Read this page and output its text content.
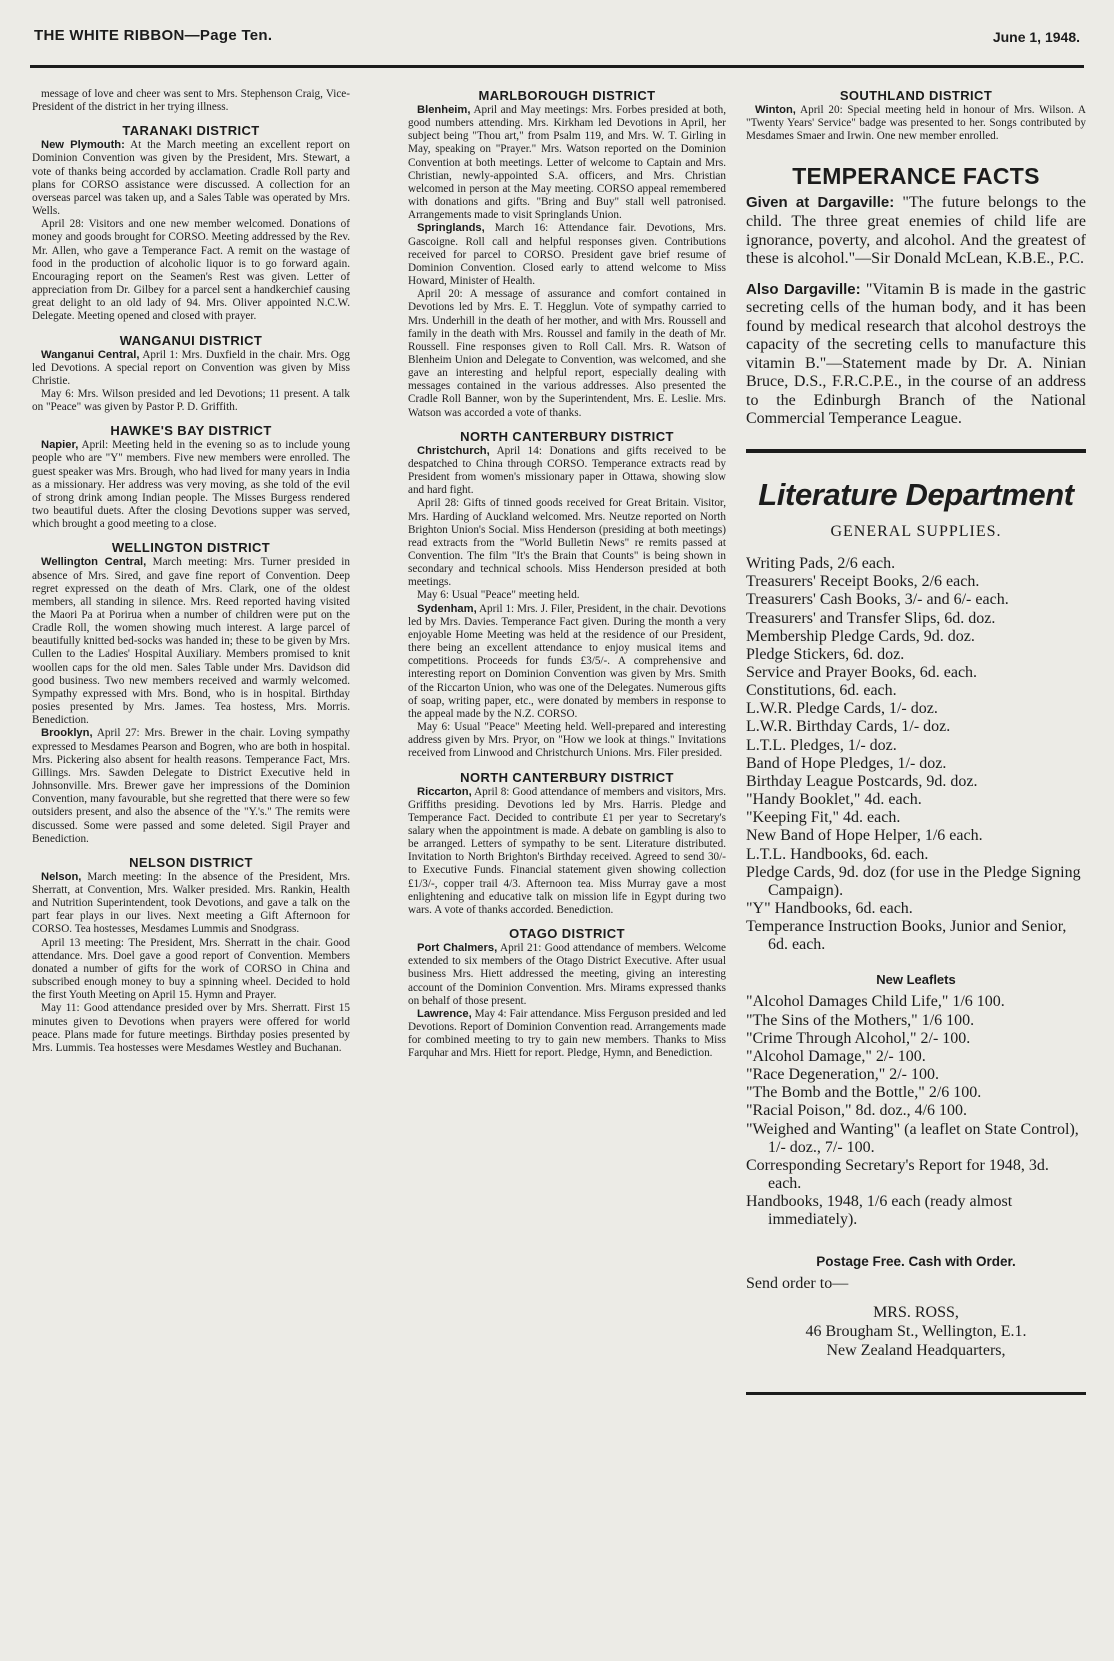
THE WHITE RIBBON—Page Ten.	June 1, 1948.

message of love and cheer was sent to Mrs. Stephenson Craig, Vice-President of the district in her trying illness.

TARANAKI DISTRICT

New Plymouth: At the March meeting an excellent report on Dominion Convention was given by the President, Mrs. Stewart, a vote of thanks being accorded by acclamation. Cradle Roll party and plans for CORSO assistance were discussed. A collection for an overseas parcel was taken up, and a Sales Table was operated by Mrs. Wells.

April 28: Visitors and one new member welcomed. Donations of money and goods brought for CORSO. Meeting addressed by the Rev. Mr. Allen, who gave a Temperance Fact. A remit on the wastage of food in the production of alcoholic liquor is to go forward again. Encouraging report on the Seamen's Rest was given. Letter of appreciation from Dr. Gilbey for a parcel sent a handkerchief causing great delight to an old lady of 94. Mrs. Oliver appointed N.C.W. Delegate. Meeting opened and closed with prayer.

WANGANUI DISTRICT

Wanganui Central, April 1: Mrs. Duxfield in the chair. Mrs. Ogg led Devotions. A special report on Convention was given by Miss Christie.

May 6: Mrs. Wilson presided and led Devotions; 11 present. A talk on "Peace" was given by Pastor P. D. Griffith.

HAWKE'S BAY DISTRICT

Napier, April: Meeting held in the evening so as to include young people who are "Y" members. Five new members were enrolled. The guest speaker was Mrs. Brough, who had lived for many years in India as a missionary. Her address was very moving, as she told of the evil of strong drink among Indian people. The Misses Burgess rendered two beautiful duets. After the closing Devotions supper was served, which brought a good meeting to a close.

WELLINGTON DISTRICT

Wellington Central, March meeting: Mrs. Turner presided in absence of Mrs. Sired, and gave fine report of Convention. Deep regret expressed on the death of Mrs. Clark, one of the oldest members, all standing in silence. Mrs. Reed reported having visited the Maori Pa at Porirua when a number of children were put on the Cradle Roll, the women showing much interest. A large parcel of beautifully knitted bed-socks was handed in; these to be given by Mrs. Cullen to the Ladies' Hospital Auxiliary. Members promised to knit woollen caps for the old men. Sales Table under Mrs. Davidson did good business. Two new members received and warmly welcomed. Sympathy expressed with Mrs. Bond, who is in hospital. Birthday posies presented by Mrs. James. Tea hostess, Mrs. Morris. Benediction.

Brooklyn, April 27: Mrs. Brewer in the chair. Loving sympathy expressed to Mesdames Pearson and Bogren, who are both in hospital. Mrs. Pickering also absent for health reasons. Temperance Fact, Mrs. Gillings. Mrs. Sawden Delegate to District Executive held in Johnsonville. Mrs. Brewer gave her impressions of the Dominion Convention, many favourable, but she regretted that there were so few outsiders present, and also the absence of the "Y.'s." The remits were discussed. Some were passed and some deleted. Sigil Prayer and Benediction.

NELSON DISTRICT

Nelson, March meeting: In the absence of the President, Mrs. Sherratt, at Convention, Mrs. Walker presided. Mrs. Rankin, Health and Nutrition Superintendent, took Devotions, and gave a talk on the part fear plays in our lives. Next meeting a Gift Afternoon for CORSO. Tea hostesses, Mesdames Lummis and Snodgrass.

April 13 meeting: The President, Mrs. Sherratt in the chair. Good attendance. Mrs. Doel gave a good report of Convention. Members donated a number of gifts for the work of CORSO in China and subscribed enough money to buy a spinning wheel. Decided to hold the first Youth Meeting on April 15. Hymn and Prayer.

May 11: Good attendance presided over by Mrs. Sherratt. First 15 minutes given to Devotions when prayers were offered for world peace. Plans made for future meetings. Birthday posies presented by Mrs. Lummis. Tea hostesses were Mesdames Westley and Buchanan.

MARLBOROUGH DISTRICT

Blenheim, April and May meetings: Mrs. Forbes presided at both, good numbers attending. Mrs. Kirkham led Devotions in April, her subject being "Thou art," from Psalm 119, and Mrs. W. T. Girling in May, speaking on "Prayer." Mrs. Watson reported on the Dominion Convention at both meetings. Letter of welcome to Captain and Mrs. Christian, newly-appointed S.A. officers, and Mrs. Christian welcomed in person at the May meeting. CORSO appeal remembered with donations and gifts. "Bring and Buy" stall well patronised. Arrangements made to visit Springlands Union.

Springlands, March 16: Attendance fair. Devotions, Mrs. Gascoigne. Roll call and helpful responses given. Contributions received for parcel to CORSO. President gave brief resume of Dominion Convention. Closed early to attend welcome to Miss Howard, Minister of Health.

April 20: A message of assurance and comfort contained in Devotions led by Mrs. E. T. Hegglun. Vote of sympathy carried to Mrs. Underhill in the death of her mother, and with Mrs. Roussell and family in the death with Mrs. Roussel and family in the death of Mr. Roussell. Fine responses given to Roll Call. Mrs. R. Watson of Blenheim Union and Delegate to Convention, was welcomed, and she gave an interesting and helpful report, especially dealing with messages contained in the various addresses. Also presented the Cradle Roll Banner, won by the Superintendent, Mrs. E. Leslie. Mrs. Watson was accorded a vote of thanks.

NORTH CANTERBURY DISTRICT

Christchurch, April 14: Donations and gifts received to be despatched to China through CORSO. Temperance extracts read by President from women's missionary paper in Ottawa, showing slow and hard fight.

April 28: Gifts of tinned goods received for Great Britain. Visitor, Mrs. Harding of Auckland welcomed. Mrs. Neutze reported on North Brighton Union's Social. Miss Henderson (presiding at both meetings) read extracts from the "World Bulletin News" re remits passed at Convention. The film "It's the Brain that Counts" is being shown in secondary and technical schools. Miss Henderson presided at both meetings.

May 6: Usual "Peace" meeting held.

Sydenham, April 1: Mrs. J. Filer, President, in the chair. Devotions led by Mrs. Davies. Temperance Fact given. During the month a very enjoyable Home Meeting was held at the residence of our President, there being an excellent attendance to enjoy musical items and competitions. Proceeds for funds £3/5/-. A comprehensive and interesting report on Dominion Convention was given by Mrs. Smith of the Riccarton Union, who was one of the Delegates. Numerous gifts of soap, writing paper, etc., were donated by members in response to the appeal made by the N.Z. CORSO.

May 6: Usual "Peace" Meeting held. Well-prepared and interesting address given by Mrs. Pryor, on "How we look at things." Invitations received from Linwood and Christchurch Unions. Mrs. Filer presided.

NORTH CANTERBURY DISTRICT

Riccarton, April 8: Good attendance of members and visitors, Mrs. Griffiths presiding. Devotions led by Mrs. Harris. Pledge and Temperance Fact. Decided to contribute £1 per year to Secretary's salary when the appointment is made. A debate on gambling is also to be arranged. Letters of sympathy to be sent. Literature distributed. Invitation to North Brighton's Birthday received. Agreed to send 30/- to Executive Funds. Financial statement given showing collection £1/3/-, copper trail 4/3. Afternoon tea. Miss Murray gave a most enlightening and educative talk on mission life in Egypt during two wars. A vote of thanks accorded. Benediction.

OTAGO DISTRICT

Port Chalmers, April 21: Good attendance of members. Welcome extended to six members of the Otago District Executive. After usual business Mrs. Hiett addressed the meeting, giving an interesting account of the Dominion Convention. Mrs. Mirams expressed thanks on behalf of those present.

Lawrence, May 4: Fair attendance. Miss Ferguson presided and led Devotions. Report of Dominion Convention read. Arrangements made for combined meeting to try to gain new members. Thanks to Miss Farquhar and Mrs. Hiett for report. Pledge, Hymn, and Benediction.

SOUTHLAND DISTRICT

Winton, April 20: Special meeting held in honour of Mrs. Wilson. A "Twenty Years' Service" badge was presented to her. Songs contributed by Mesdames Smaer and Irwin. One new member enrolled.

TEMPERANCE FACTS

Given at Dargaville: "The future belongs to the child. The three great enemies of child life are ignorance, poverty, and alcohol. And the greatest of these is alcohol."—Sir Donald McLean, K.B.E., P.C.

Also Dargaville: "Vitamin B is made in the gastric secreting cells of the human body, and it has been found by medical research that alcohol destroys the capacity of the secreting cells to manufacture this vitamin B."—Statement made by Dr. A. Ninian Bruce, D.S., F.R.C.P.E., in the course of an address to the Edinburgh Branch of the National Commercial Temperance League.

Literature Department
GENERAL SUPPLIES.
Writing Pads, 2/6 each.
Treasurers' Receipt Books, 2/6 each.
Treasurers' Cash Books, 3/- and 6/- each.
Treasurers' and Transfer Slips, 6d. doz.
Membership Pledge Cards, 9d. doz.
Pledge Stickers, 6d. doz.
Service and Prayer Books, 6d. each.
Constitutions, 6d. each.
L.W.R. Pledge Cards, 1/- doz.
L.W.R. Birthday Cards, 1/- doz.
L.T.L. Pledges, 1/- doz.
Band of Hope Pledges, 1/- doz.
Birthday League Postcards, 9d. doz.
"Handy Booklet," 4d. each.
"Keeping Fit," 4d. each.
New Band of Hope Helper, 1/6 each.
L.T.L. Handbooks, 6d. each.
Pledge Cards, 9d. doz (for use in the Pledge Signing Campaign).
"Y" Handbooks, 6d. each.
Temperance Instruction Books, Junior and Senior, 6d. each.
New Leaflets
"Alcohol Damages Child Life," 1/6 100.
"The Sins of the Mothers," 1/6 100.
"Crime Through Alcohol," 2/- 100.
"Alcohol Damage," 2/- 100.
"Race Degeneration," 2/- 100.
"The Bomb and the Bottle," 2/6 100.
"Racial Poison," 8d. doz., 4/6 100.
"Weighed and Wanting" (a leaflet on State Control), 1/- doz., 7/- 100.
Corresponding Secretary's Report for 1948, 3d. each.
Handbooks, 1948, 1/6 each (ready almost immediately).
Postage Free. Cash with Order.
Send order to—
MRS. ROSS,
46 Brougham St., Wellington, E.1.
New Zealand Headquarters,
